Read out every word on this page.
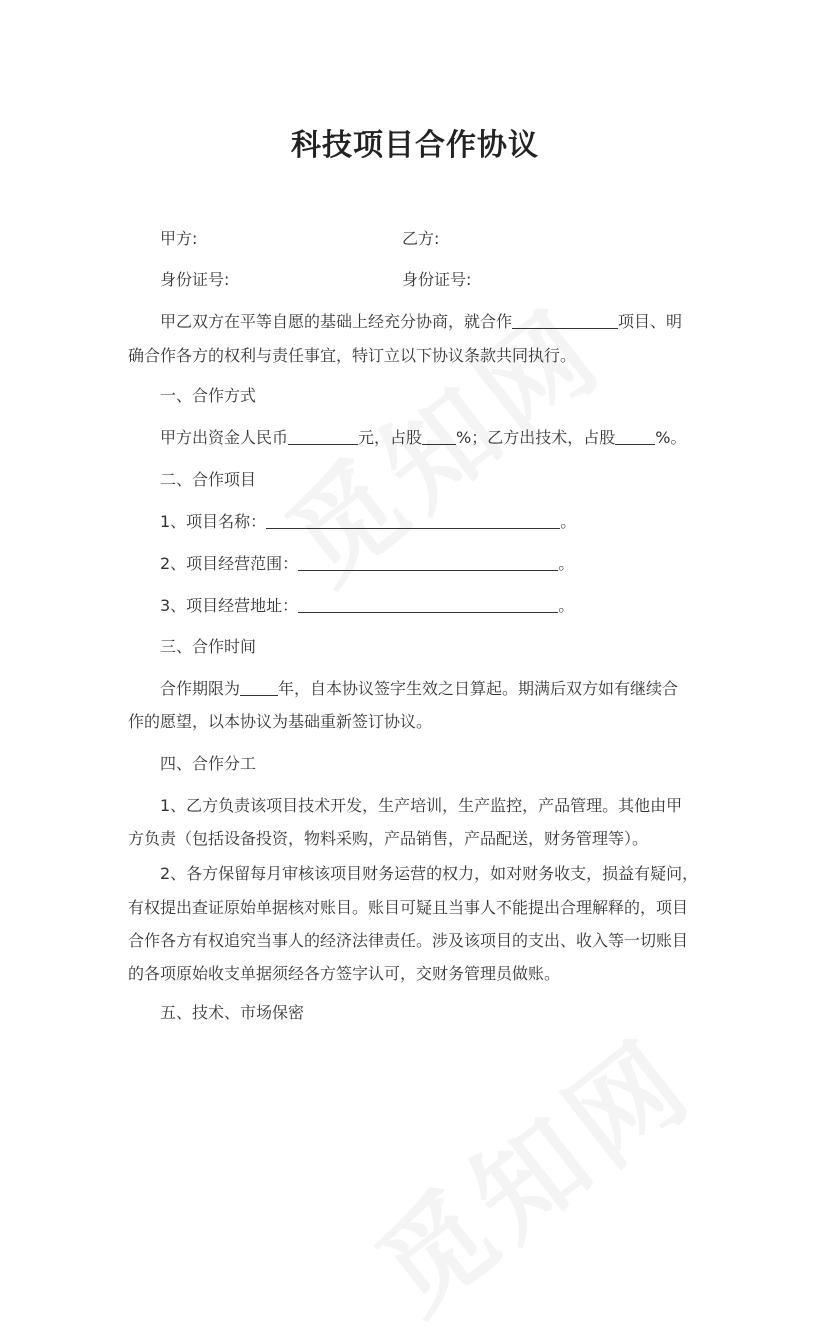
科技项目合作协议
甲方:	乙方:
身份证号:	身份证号:
甲乙双方在平等自愿的基础上经充分协商，就合作	项目、明
确合作各方的权利与责任事宜，特订立以下协议条款共同执行。
一、合作方式
甲方出资金人民币	元，占股 %；乙方出技术，占股	%。
二、合作项目
1、项目名称：	。
2、项目经营范围：	。
3、项目经营地址：	。
三、合作时间
合作期限为 年，自本协议签字生效之日算起。期满后双方如有继续合
作的愿望，以本协议为基础重新签订协议。
四、合作分工
1、乙方负责该项目技术开发，生产培训，生产监控，产品管理。其他由甲
方负责（包括设备投资，物料采购，产品销售，产品配送，财务管理等）。
2、各方保留每月审核该项目财务运营的权力，如对财务收支，损益有疑问，
有权提出查证原始单据核对账目。账目可疑且当事人不能提出合理解释的，项目
合作各方有权追究当事人的经济法律责任。涉及该项目的支出、收入等一切账目
的各项原始收支单据须经各方签字认可，交财务管理员做账。
五、技术、市场保密
